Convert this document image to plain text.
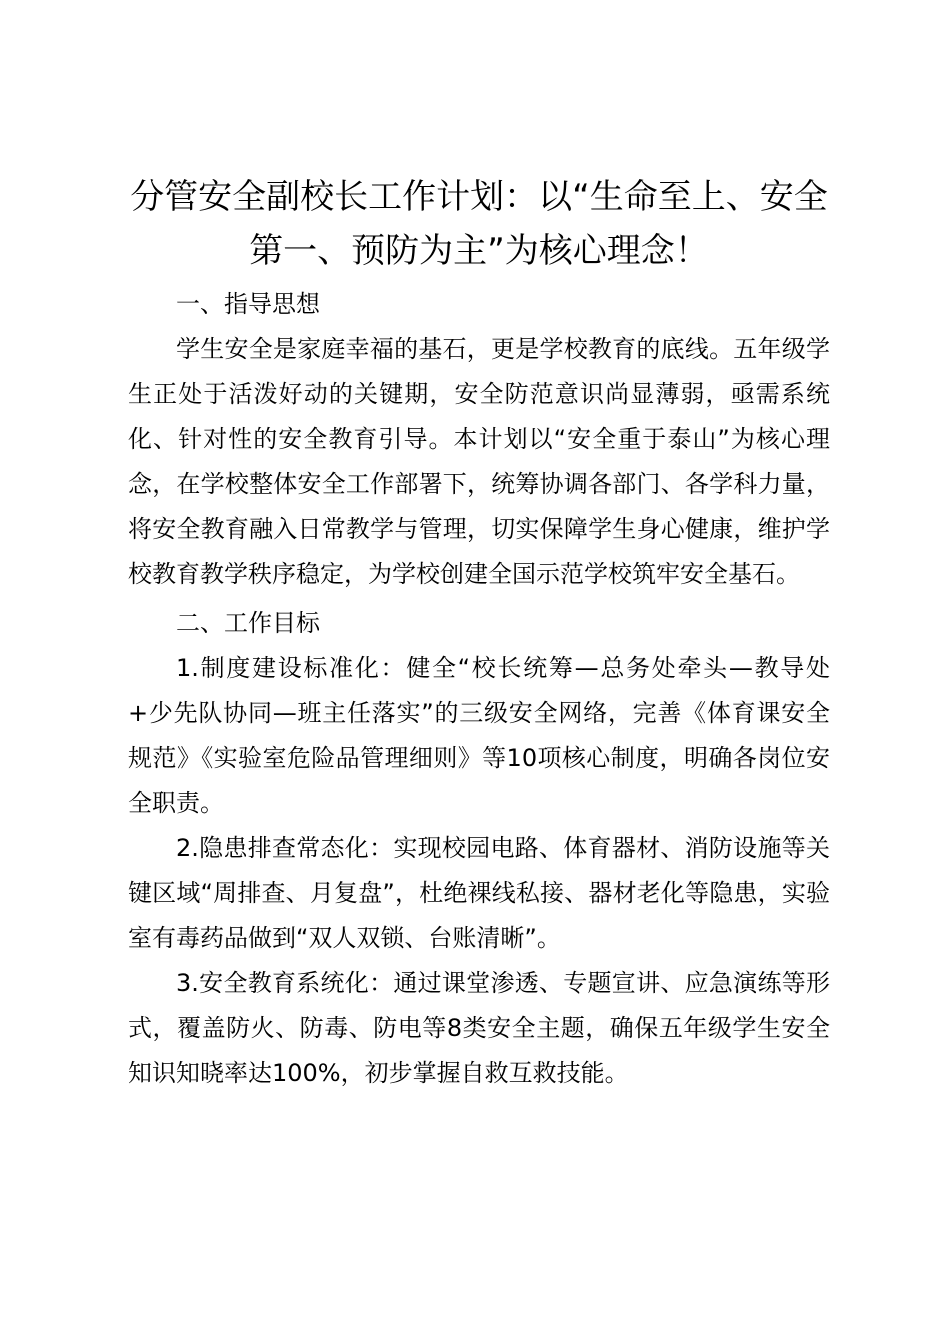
分管安全副校长工作计划：以“生命至上、安全第一、预防为主”为核心理念！
一、指导思想

学生安全是家庭幸福的基石，更是学校教育的底线。五年级学生正处于活泼好动的关键期，安全防范意识尚显薄弱，亟需系统化、针对性的安全教育引导。本计划以“安全重于泰山”为核心理念，在学校整体安全工作部署下，统筹协调各部门、各学科力量，将安全教育融入日常教学与管理，切实保障学生身心健康，维护学校教育教学秩序稳定，为学校创建全国示范学校筑牢安全基石。

二、工作目标

1.制度建设标准化：健全“校长统筹—总务处牵头—教导处+少先队协同—班主任落实”的三级安全网络，完善《体育课安全规范》《实验室危险品管理细则》等10项核心制度，明确各岗位安全职责。

2.隐患排查常态化：实现校园电路、体育器材、消防设施等关键区域“周排查、月复盘”，杜绝裸线私接、器材老化等隐患，实验室有毒药品做到“双人双锁、台账清晰”。

3.安全教育系统化：通过课堂渗透、专题宣讲、应急演练等形式，覆盖防火、防毒、防电等8类安全主题，确保五年级学生安全知识知晓率达100%，初步掌握自救互救技能。
